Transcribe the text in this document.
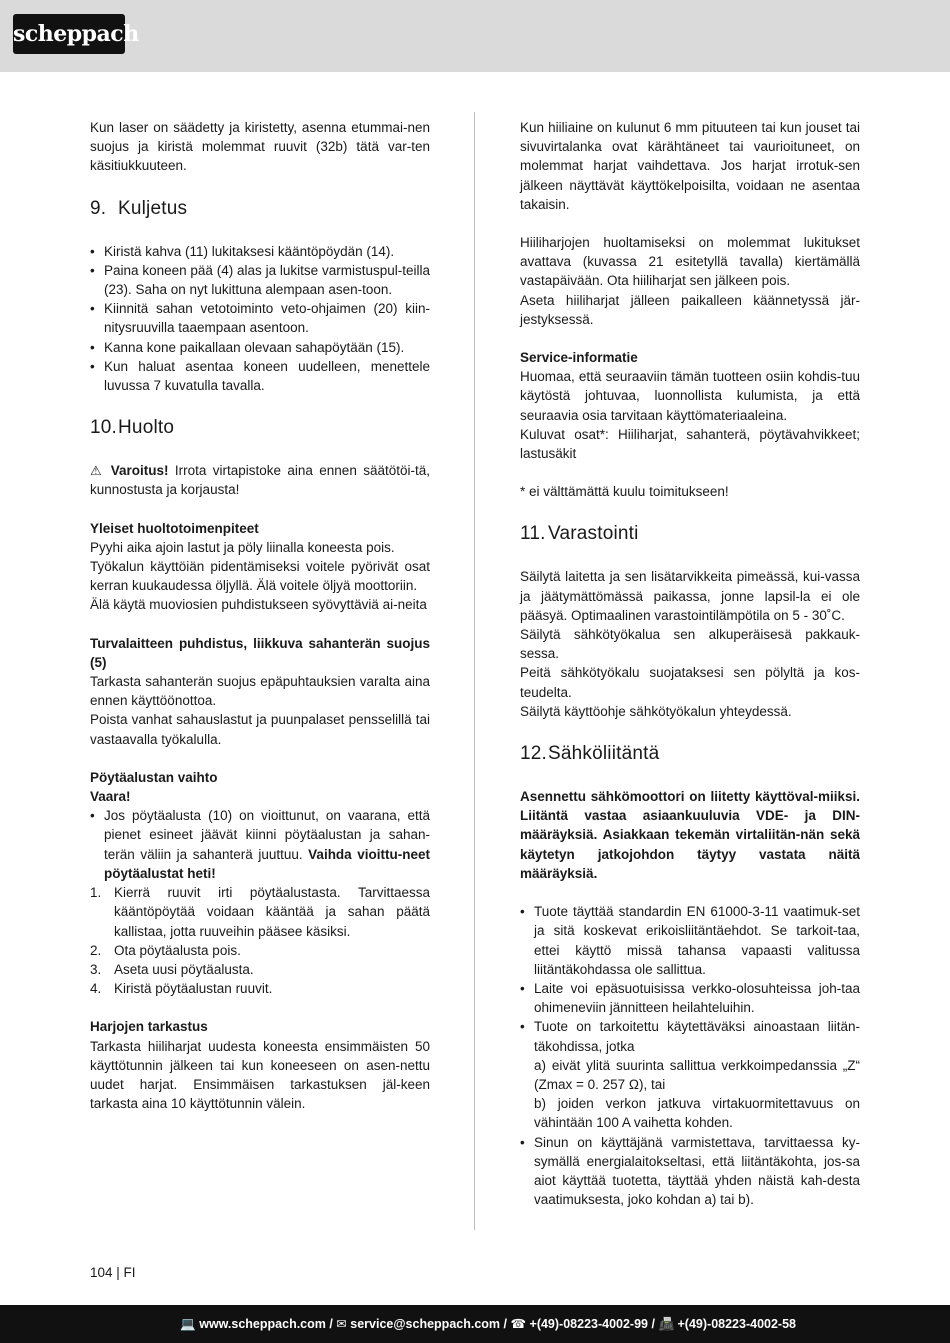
scheppach

Kun laser on säädetty ja kiristetty, asenna etummai-nen suojus ja kiristä molemmat ruuvit (32b) tätä var-ten käsitiukkuuteen.

9. Kuljetus
• Kiristä kahva (11) lukitaksesi kääntöpöydän (14).
• Paina koneen pää (4) alas ja lukitse varmistuspul-teilla (23). Saha on nyt lukittuna alempaan asen-toon.
• Kiinnitä sahan vetotoiminto veto-ohjaimen (20) kiin-nitysruuvilla taaempaan asentoon.
• Kanna kone paikallaan olevaan sahapöytään (15).
• Kun haluat asentaa koneen uudelleen, menettele luvussa 7 kuvatulla tavalla.
10.Huolto

⚠ Varoitus! Irrota virtapistoke aina ennen säätötöi-tä, kunnostusta ja korjausta!

Yleiset huoltotoimenpiteet

Pyyhi aika ajoin lastut ja pöly liinalla koneesta pois.

Työkalun käyttöiän pidentämiseksi voitele pyörivät osat kerran kuukaudessa öljyllä. Älä voitele öljyä moottoriin.

Älä käytä muoviosien puhdistukseen syövyttäviä ai-neita

Turvalaitteen puhdistus, liikkuva sahanterän suojus (5)

Tarkasta sahanterän suojus epäpuhtauksien varalta aina ennen käyttöönottoa.

Poista vanhat sahauslastut ja puunpalaset pensselillä tai vastaavalla työkalulla.

Pöytäalustan vaihto

Vaara!

• Jos pöytäalusta (10) on vioittunut, on vaarana, että pienet esineet jäävät kiinni pöytäalustan ja sahan-terän väliin ja sahanterä juuttuu. Vaihda vioittu-neet pöytäalustat heti!
1. Kierrä ruuvit irti pöytäalustasta. Tarvittaessa kääntöpöytää voidaan kääntää ja sahan päätä kallistaa, jotta ruuveihin pääsee käsiksi.
2. Ota pöytäalusta pois.
3. Aseta uusi pöytäalusta.
4. Kiristä pöytäalustan ruuvit.

Harjojen tarkastus

Tarkasta hiiliharjat uudesta koneesta ensimmäisten 50 käyttötunnin jälkeen tai kun koneeseen on asen-nettu uudet harjat. Ensimmäisen tarkastuksen jäl-keen tarkasta aina 10 käyttötunnin välein.

Kun hiiliaine on kulunut 6 mm pituuteen tai kun jouset tai sivuvirtalanka ovat kärähtäneet tai vaurioituneet, on molemmat harjat vaihdettava. Jos harjat irrotuk-sen jälkeen näyttävät käyttökelpoisilta, voidaan ne asentaa takaisin.

Hiiliharjojen huoltamiseksi on molemmat lukitukset avattava (kuvassa 21 esitetyllä tavalla) kiertämällä vastapäivään. Ota hiiliharjat sen jälkeen pois.

Aseta hiiliharjat jälleen paikalleen käännetyssä jär-jestyksessä.

Service-informatie

Huomaa, että seuraaviin tämän tuotteen osiin kohdis-tuu käytöstä johtuvaa, luonnollista kulumista, ja että seuraavia osia tarvitaan käyttömateriaaleina.

Kuluvat osat*: Hiiliharjat, sahanterä, pöytävahvikkeet; lastusäkit

* ei välttämättä kuulu toimitukseen!

11. Varastointi

Säilytä laitetta ja sen lisätarvikkeita pimeässä, kui-vassa ja jäätymättömässä paikassa, jonne lapsil-la ei ole pääsyä. Optimaalinen varastointilämpötila on 5 - 30˚C.

Säilytä sähkötyökalua sen alkuperäisesä pakkauk-sessa.

Peitä sähkötyökalu suojataksesi sen pölyltä ja kos-teudelta.

Säilytä käyttöohje sähkötyökalun yhteydessä.

12.Sähköliitäntä

Asennettu sähkömoottori on liitetty käyttöval-miiksi. Liitäntä vastaa asiaankuuluvia VDE- ja DIN-määräyksiä. Asiakkaan tekemän virtaliitän-nän sekä käytetyn jatkojohdon täytyy vastata näitä määräyksiä.

• Tuote täyttää standardin EN 61000-3-11 vaatimuk-set ja sitä koskevat erikoisliitäntäehdot. Se tarkoit-taa, ettei käyttö missä tahansa vapaasti valitussa liitäntäkohdassa ole sallittua.
• Laite voi epäsuotuisissa verkko-olosuhteissa joh-taa ohimeneviin jännitteen heilahteluihin.
• Tuote on tarkoitettu käytettäväksi ainoastaan liitän-täkohdissa, jotka
a) eivät ylitä suurinta sallittua verkkoimpedanssia „Z“ (Zmax = 0. 257 Ω), tai
b) joiden verkon jatkuva virtakuormitettavuus on vähintään 100 A vaihetta kohden.
• Sinun on käyttäjänä varmistettava, tarvittaessa ky-symällä energialaitokseltasi, että liitäntäkohta, jos-sa aiot käyttää tuotetta, täyttää yhden näistä kah-desta vaatimuksesta, joko kohdan a) tai b).
104 | FI
💻 www.scheppach.com / ✉ service@scheppach.com / ☎ +(49)-08223-4002-99 / 📠 +(49)-08223-4002-58
